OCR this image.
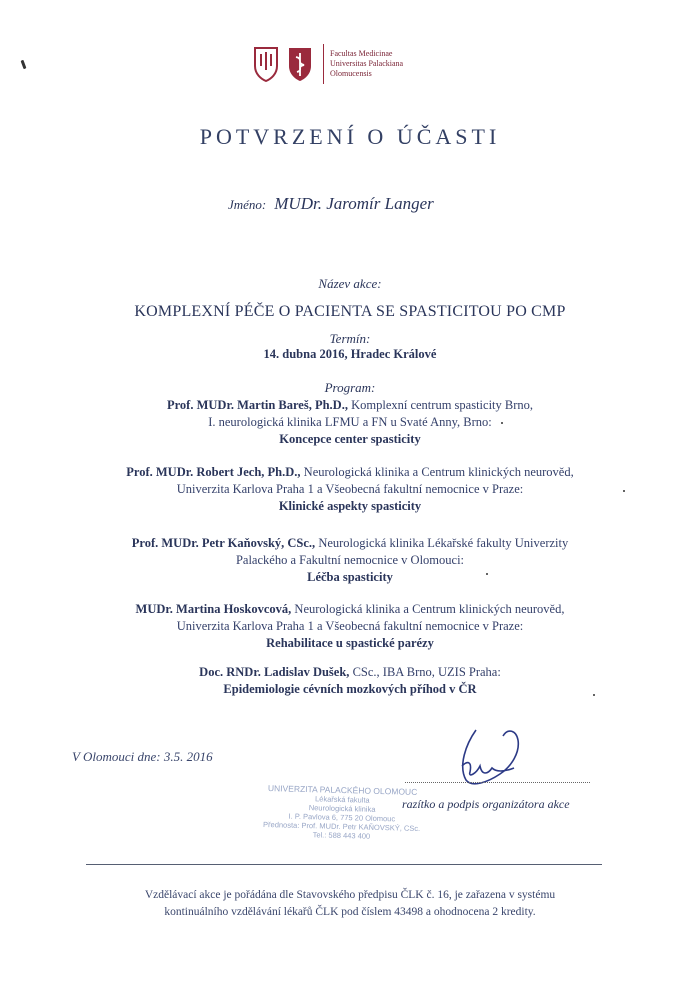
Facultas Medicinae
Universitas Palackiana
Olomucensis
POTVRZENÍ O ÚČASTI
Jméno: MUDr. Jaromír Langer
Název akce:
KOMPLEXNÍ PÉČE O PACIENTA SE SPASTICITOU PO CMP
Termín:
14. dubna 2016, Hradec Králové
Program:
Prof. MUDr. Martin Bareš, Ph.D., Komplexní centrum spasticity Brno,
I. neurologická klinika LFMU a FN u Svaté Anny, Brno:
Koncepce center spasticity
Prof. MUDr. Robert Jech, Ph.D., Neurologická klinika a Centrum klinických neurověd,
Univerzita Karlova Praha 1 a Všeobecná fakultní nemocnice v Praze:
Klinické aspekty spasticity
Prof. MUDr. Petr Kaňovský, CSc., Neurologická klinika Lékařské fakulty Univerzity
Palackého a Fakultní nemocnice v Olomouci:
Léčba spasticity
MUDr. Martina Hoskovcová, Neurologická klinika a Centrum klinických neurověd,
Univerzita Karlova Praha 1 a Všeobecná fakultní nemocnice v Praze:
Rehabilitace u spastické parézy
Doc. RNDr. Ladislav Dušek, CSc., IBA Brno, UZIS Praha:
Epidemiologie cévních mozkových příhod v ČR
V Olomouci dne: 3.5. 2016
UNIVERZITA PALACKÉHO OLOMOUC
Lékařská fakulta
Neurologická klinika
I. P. Pavlova 6, 775 20 Olomouc
Přednosta: Prof. MUDr. Petr KAŇOVSKÝ, CSc.
Tel.: 588 443 400
razítko a podpis organizátora akce
Vzdělávací akce je pořádána dle Stavovského předpisu ČLK č. 16, je zařazena v systému
kontinuálního vzdělávání lékařů ČLK pod číslem 43498 a ohodnocena 2 kredity.
